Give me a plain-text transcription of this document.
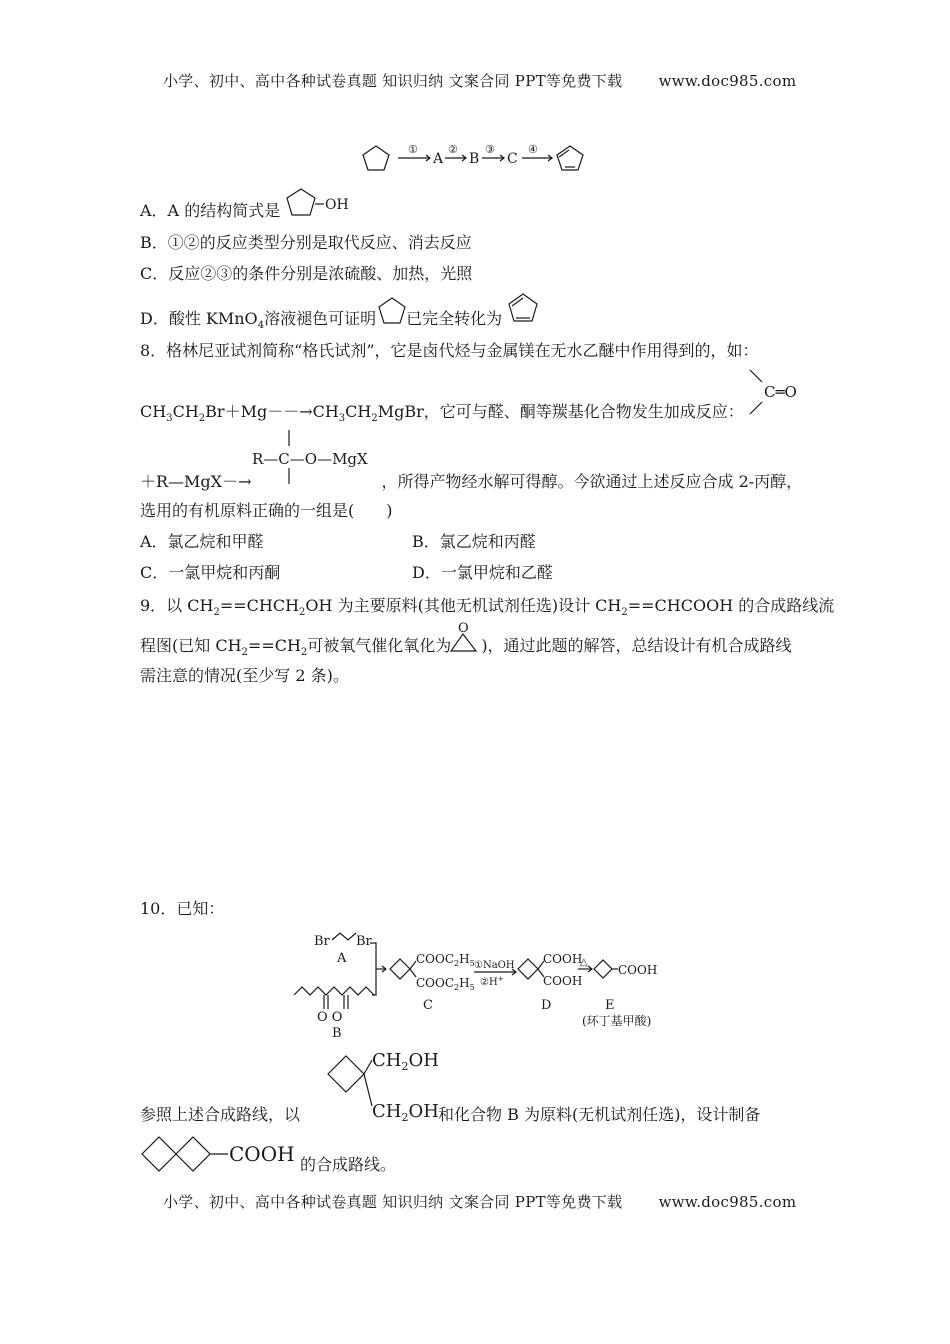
小学、初中、高中各种试卷真题 知识归纳 文案合同 PPT等免费下载 www.doc985.com
①
A
②
B
③
C
④
A．A 的结构简式是	OH
B．①②的反应类型分别是取代反应、消去反应
C．反应②③的条件分别是浓硫酸、加热，光照
D．酸性 KMnO$_4$溶液褪色可证明 已完全转化为
8．格林尼亚试剂简称“格氏试剂”，它是卤代烃与金属镁在无水乙醚中作用得到的，如：
C═O
$CH_3CH_2Br+Mg--\to CH_3CH_2MgBr$，它可与醛、酮等羰基化合物发生加成反应：
R—C—O—MgX
＋R—MgX－→	，所得产物经水解可得醇。今欲通过上述反应合成 2-丙醇，
选用的有机原料正确的一组是(　　)
A．氯乙烷和甲醛	B．氯乙烷和丙醛
C．一氯甲烷和丙酮	D．一氯甲烷和乙醛
9．以 $CH_2==CHCH_2OH$ 为主要原料(其他无机试剂任选)设计 $CH_2==CHCOOH$ 的合成路线流
程图(已知 $CH_2==CH_2$可被氧气催化氧化为 )，通过此题的解答，总结设计有机合成路线
O
需注意的情况(至少写 2 条)。
10．已知：
Br Br
A
O O
B
$COOC_2H_5$
$COOC_2H_5$
C
①NaOH
②H+
COOH
COOH
D
△
COOH
E
(环丁基甲酸)
$CH_2OH$
$CH_2OH$
参照上述合成路线，以	和化合物 B 为原料(无机试剂任选)，设计制备
COOH 的合成路线。
小学、初中、高中各种试卷真题 知识归纳 文案合同 PPT等免费下载 www.doc985.com
